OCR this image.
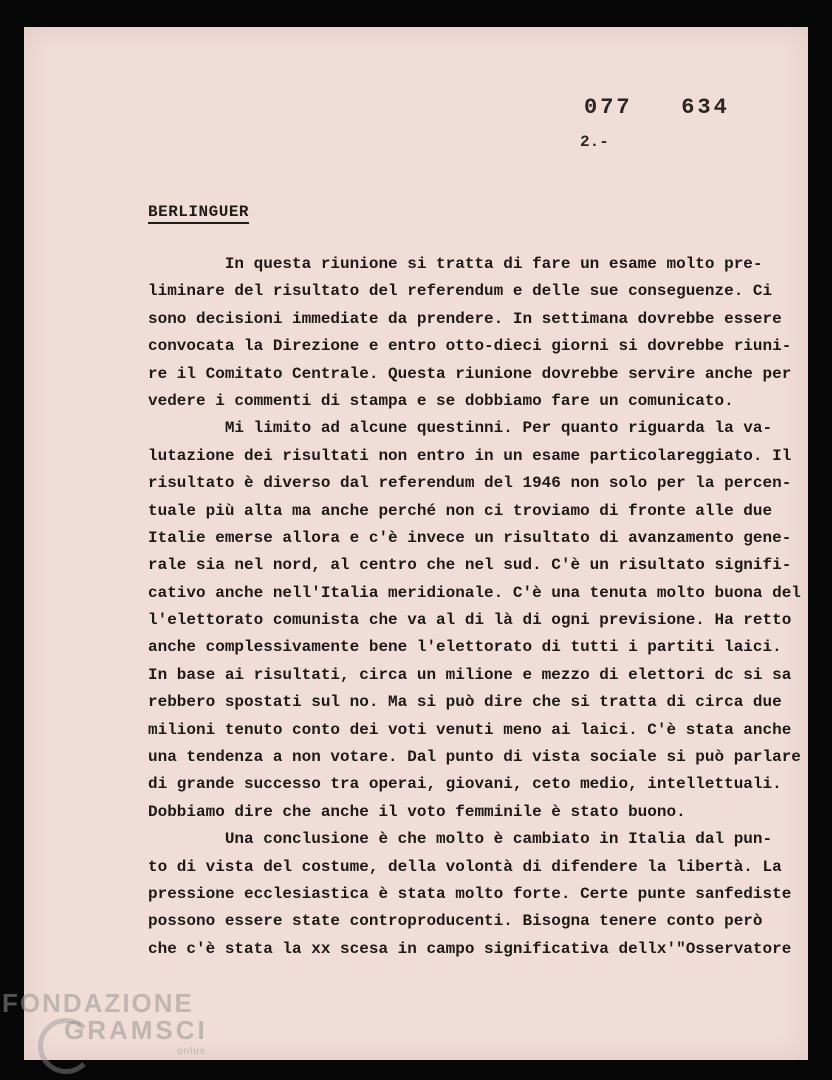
077   634
2.-
BERLINGUER
In questa riunione si tratta di fare un esame molto pre-
liminare del risultato del referendum e delle sue conseguenze. Ci
sono decisioni immediate da prendere. In settimana dovrebbe essere
convocata la Direzione e entro otto-dieci giorni si dovrebbe riuni-
re il Comitato Centrale. Questa riunione dovrebbe servire anche per
vedere i commenti di stampa e se dobbiamo fare un comunicato.
Mi limito ad alcune questinni. Per quanto riguarda la va-
lutazione dei risultati non entro in un esame particolareggiato. Il
risultato è diverso dal referendum del 1946 non solo per la percen-
tuale più alta ma anche perché non ci troviamo di fronte alle due
Italie emerse allora e c'è invece un risultato di avanzamento gene-
rale sia nel nord, al centro che nel sud. C'è un risultato signifi-
cativo anche nell'Italia meridionale. C'è una tenuta molto buona del
l'elettorato comunista che va al di là di ogni previsione. Ha retto
anche complessivamente bene l'elettorato di tutti i partiti laici.
In base ai risultati, circa un milione e mezzo di elettori dc si sa
rebbero spostati sul no. Ma si può dire che si tratta di circa due
milioni tenuto conto dei voti venuti meno ai laici. C'è stata anche
una tendenza a non votare. Dal punto di vista sociale si può parlare
di grande successo tra operai, giovani, ceto medio, intellettuali.
Dobbiamo dire che anche il voto femminile è stato buono.
Una conclusione è che molto è cambiato in Italia dal pun-
to di vista del costume, della volontà di difendere la libertà. La
pressione ecclesiastica è stata molto forte. Certe punte sanfediste
possono essere state controproducenti. Bisogna tenere conto però
che c'è stata la xx scesa in campo significativa dellx'"Osservatore
FONDAZIONE
GRAMSCI
onlus
